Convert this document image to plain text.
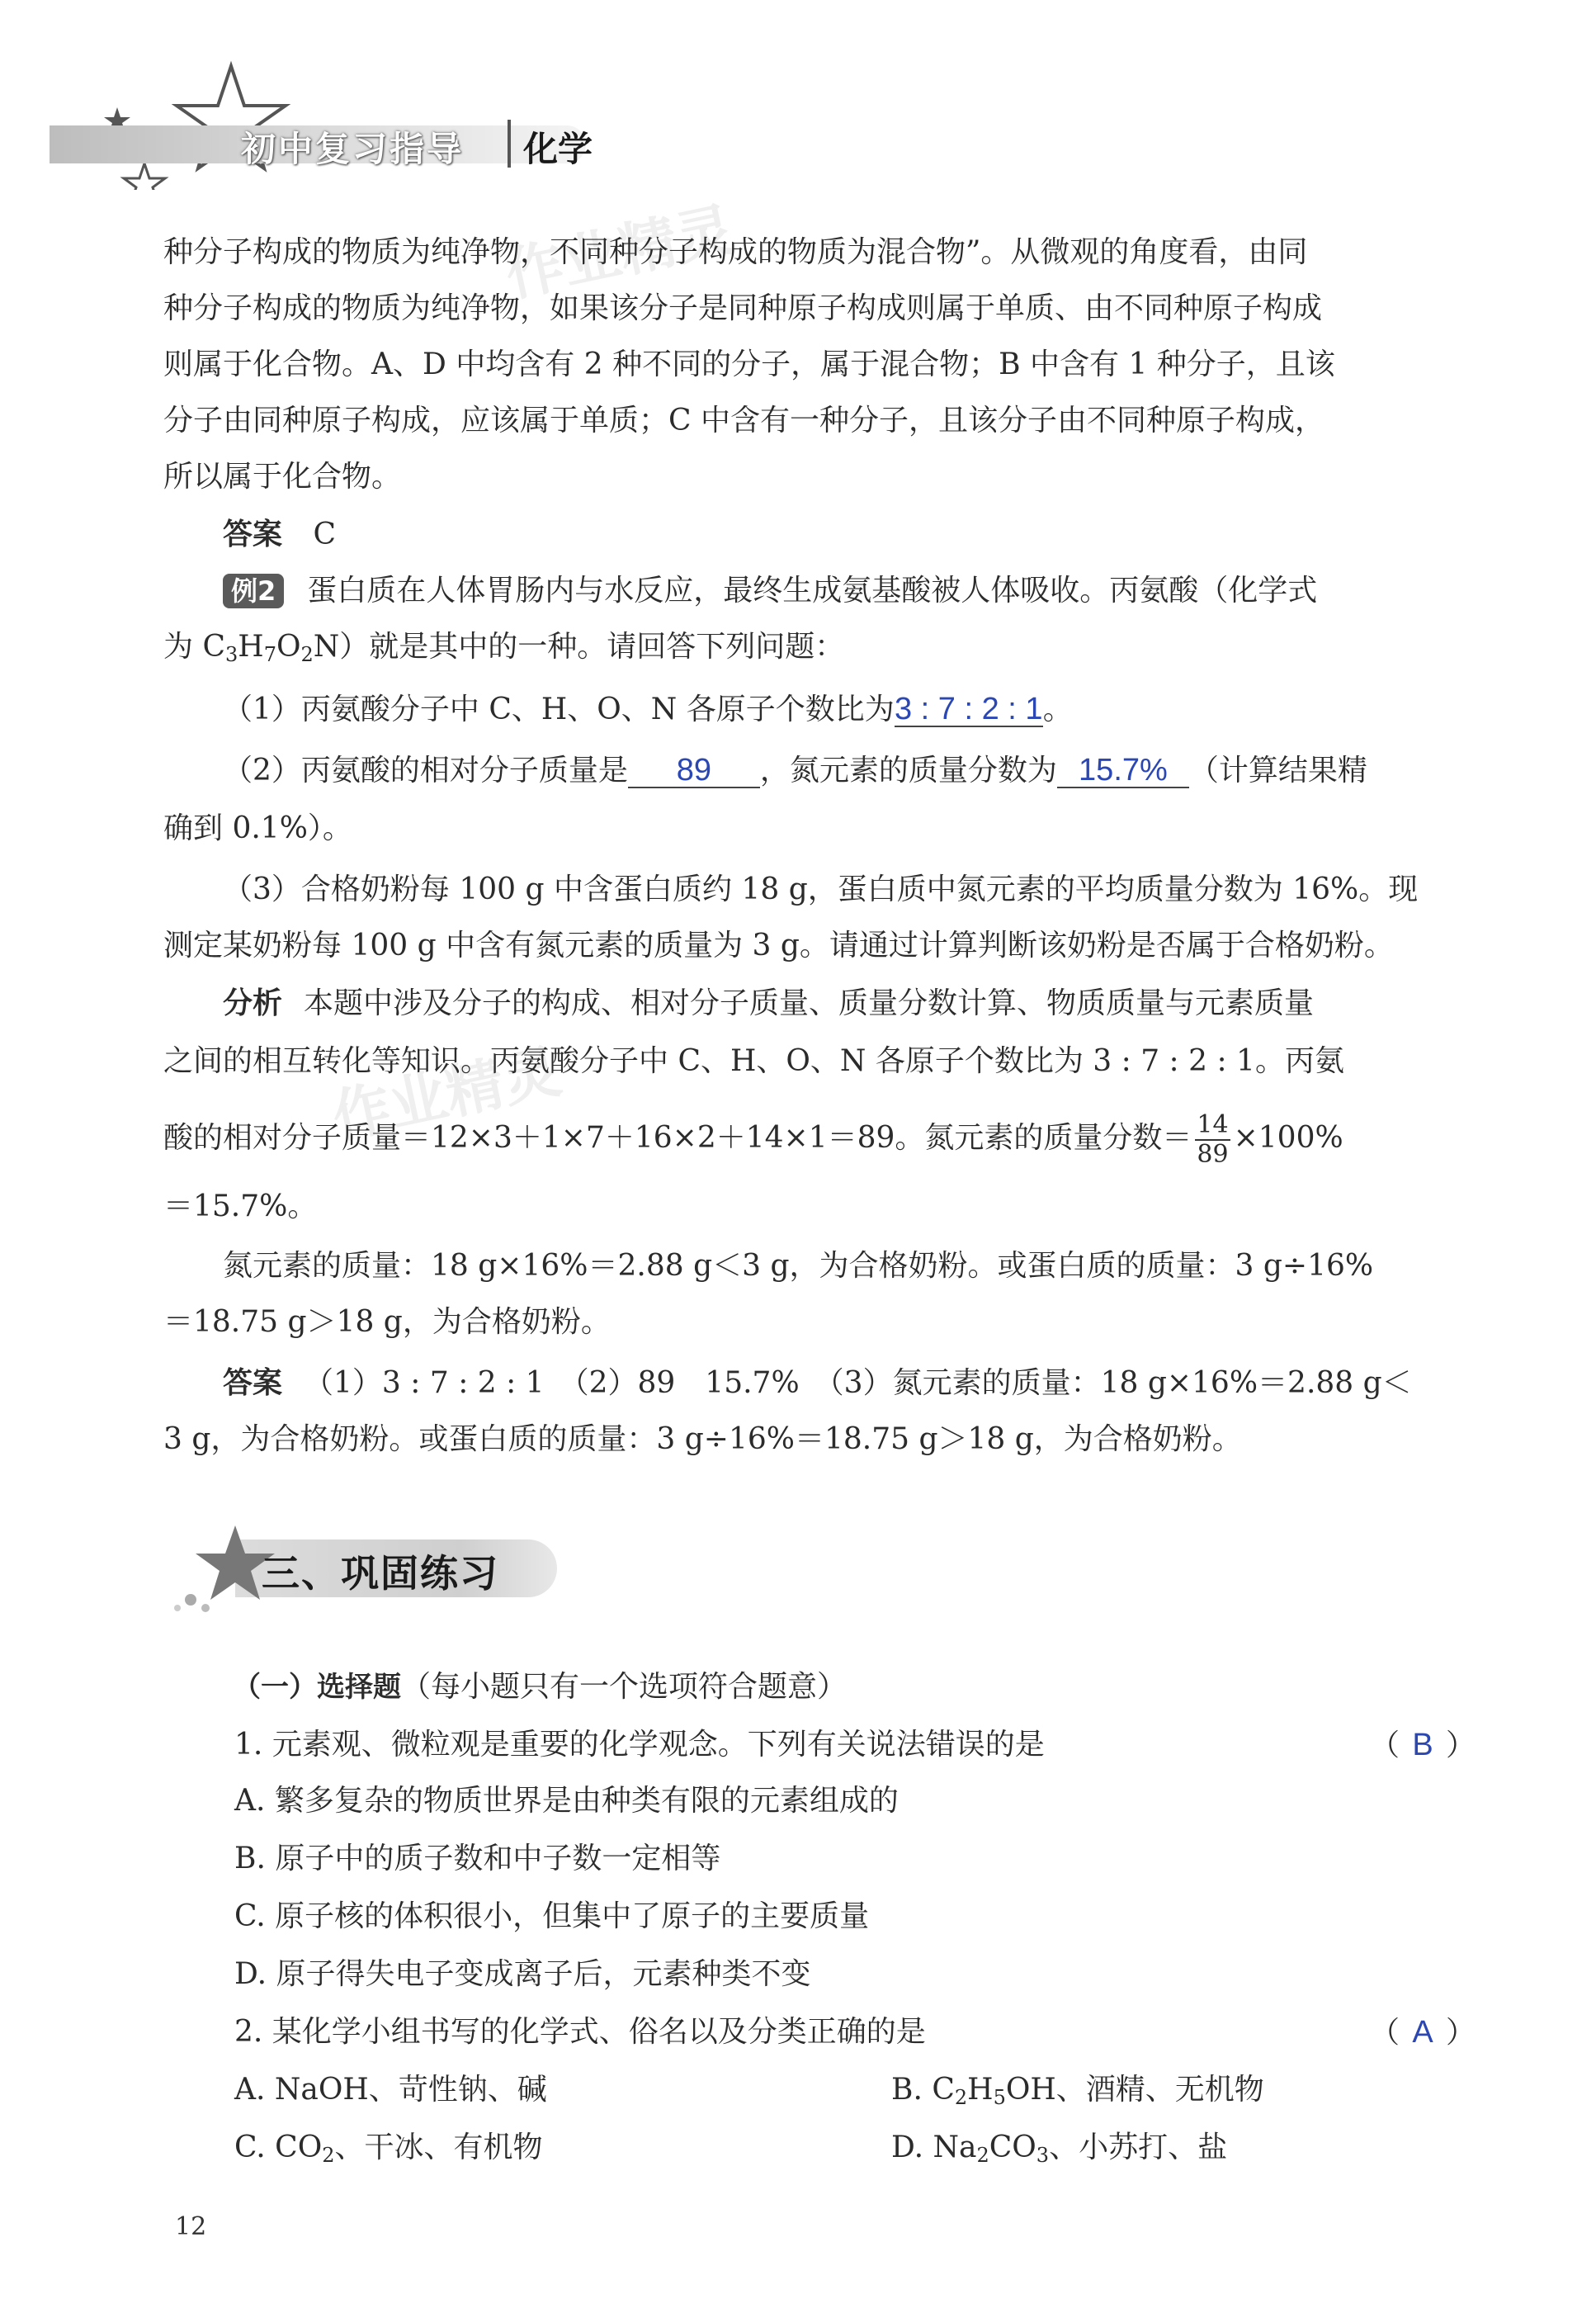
初中复习指导 化学
作业精灵
作业精灵
种分子构成的物质为纯净物，不同种分子构成的物质为混合物”。从微观的角度看，由同
种分子构成的物质为纯净物，如果该分子是同种原子构成则属于单质、由不同种原子构成
则属于化合物。A、D 中均含有 2 种不同的分子，属于混合物；B 中含有 1 种分子，且该
分子由同种原子构成，应该属于单质；C 中含有一种分子，且该分子由不同种原子构成，
所以属于化合物。
答案 C
例2 蛋白质在人体胃肠内与水反应，最终生成氨基酸被人体吸收。丙氨酸（化学式
为 $C_3H_7O_2N$）就是其中的一种。请回答下列问题：
（1）丙氨酸分子中 C、H、O、N 各原子个数比为3 : 7 : 2 : 1。
（2）丙氨酸的相对分子质量是 89 ，氮元素的质量分数为 15.7% （计算结果精
确到 0.1%）。
（3）合格奶粉每 100 g 中含蛋白质约 18 g，蛋白质中氮元素的平均质量分数为 16%。现
测定某奶粉每 100 g 中含有氮元素的质量为 3 g。请通过计算判断该奶粉是否属于合格奶粉。
分析 本题中涉及分子的构成、相对分子质量、质量分数计算、物质质量与元素质量
之间的相互转化等知识。丙氨酸分子中 C、H、O、N 各原子个数比为 3 : 7 : 2 : 1。丙氨
酸的相对分子质量＝12×3＋1×7＋16×2＋14×1＝89。氮元素的质量分数＝ $\frac{14}{89} \times 100\%$
＝15.7%。
氮元素的质量：18 g×16%＝2.88 g＜3 g，为合格奶粉。或蛋白质的质量：3 g÷16%
＝18.75 g＞18 g，为合格奶粉。
答案 （1）3 : 7 : 2 : 1　（2）89　15.7%　（3）氮元素的质量：18 g×16%＝2.88 g＜
3 g，为合格奶粉。或蛋白质的质量：3 g÷16%＝18.75 g＞18 g，为合格奶粉。
三、巩固练习
（一）选择题（每小题只有一个选项符合题意）
1. 元素观、微粒观是重要的化学观念。下列有关说法错误的是	（ B ）
A. 繁多复杂的物质世界是由种类有限的元素组成的
B. 原子中的质子数和中子数一定相等
C. 原子核的体积很小，但集中了原子的主要质量
D. 原子得失电子变成离子后，元素种类不变
2. 某化学小组书写的化学式、俗名以及分类正确的是	（ A ）
A. NaOH、苛性钠、碱	B. $C_2H_5OH$、酒精、无机物
C. $CO_2$、干冰、有机物	D. $Na_2CO_3$、小苏打、盐
12
